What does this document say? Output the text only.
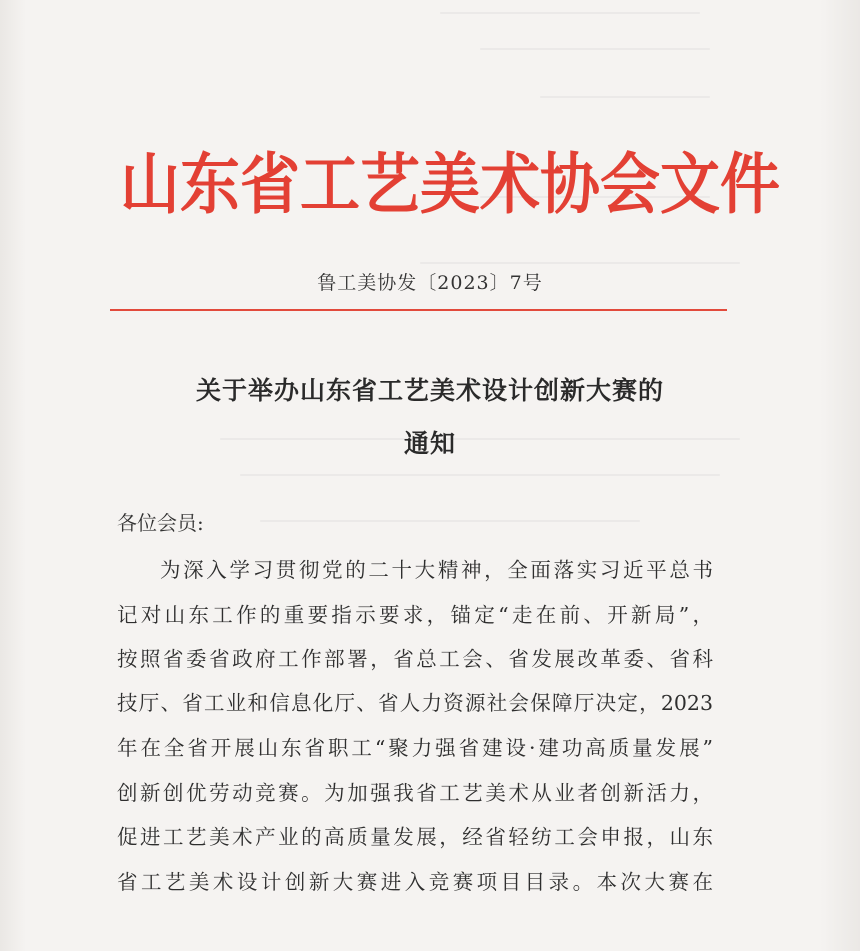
山东省工艺美术协会文件
鲁工美协发〔2023〕7号
关于举办山东省工艺美术设计创新大赛的
通知
各位会员:
为深入学习贯彻党的二十大精神，全面落实习近平总书
记对山东工作的重要指示要求，锚定“走在前、开新局”，
按照省委省政府工作部署，省总工会、省发展改革委、省科
技厅、省工业和信息化厅、省人力资源社会保障厅决定，2023
年在全省开展山东省职工“聚力强省建设·建功高质量发展”
创新创优劳动竞赛。为加强我省工艺美术从业者创新活力，
促进工艺美术产业的高质量发展，经省轻纺工会申报，山东
省工艺美术设计创新大赛进入竞赛项目目录。本次大赛在
